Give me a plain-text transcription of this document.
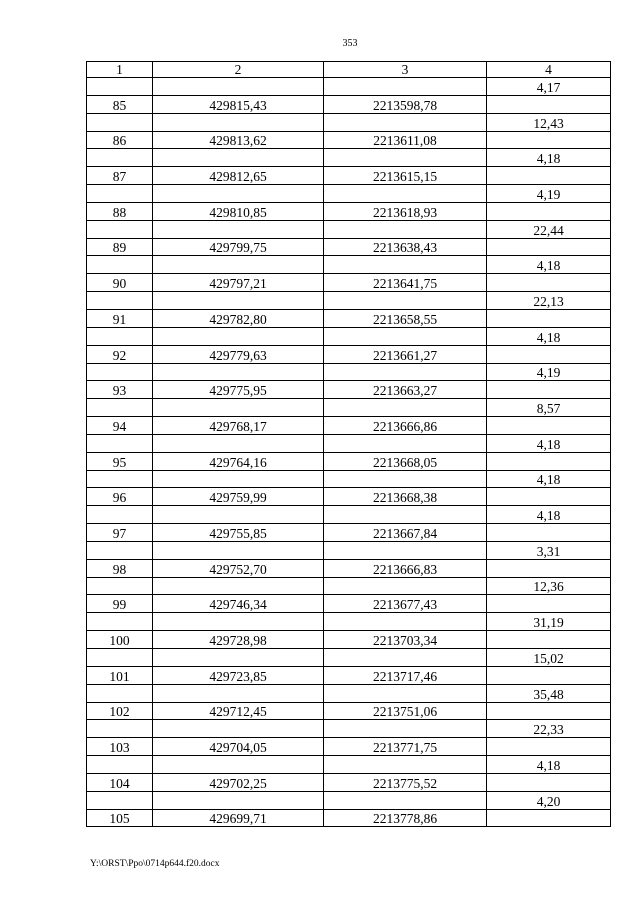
353
1	2	3	4
			4,17
85	429815,43	2213598,78	
			12,43
86	429813,62	2213611,08	
			4,18
87	429812,65	2213615,15	
			4,19
88	429810,85	2213618,93	
			22,44
89	429799,75	2213638,43	
			4,18
90	429797,21	2213641,75	
			22,13
91	429782,80	2213658,55	
			4,18
92	429779,63	2213661,27	
			4,19
93	429775,95	2213663,27	
			8,57
94	429768,17	2213666,86	
			4,18
95	429764,16	2213668,05	
			4,18
96	429759,99	2213668,38	
			4,18
97	429755,85	2213667,84	
			3,31
98	429752,70	2213666,83	
			12,36
99	429746,34	2213677,43	
			31,19
100	429728,98	2213703,34	
			15,02
101	429723,85	2213717,46	
			35,48
102	429712,45	2213751,06	
			22,33
103	429704,05	2213771,75	
			4,18
104	429702,25	2213775,52	
			4,20
105	429699,71	2213778,86	
Y:\ORST\Ppo\0714p644.f20.docx
